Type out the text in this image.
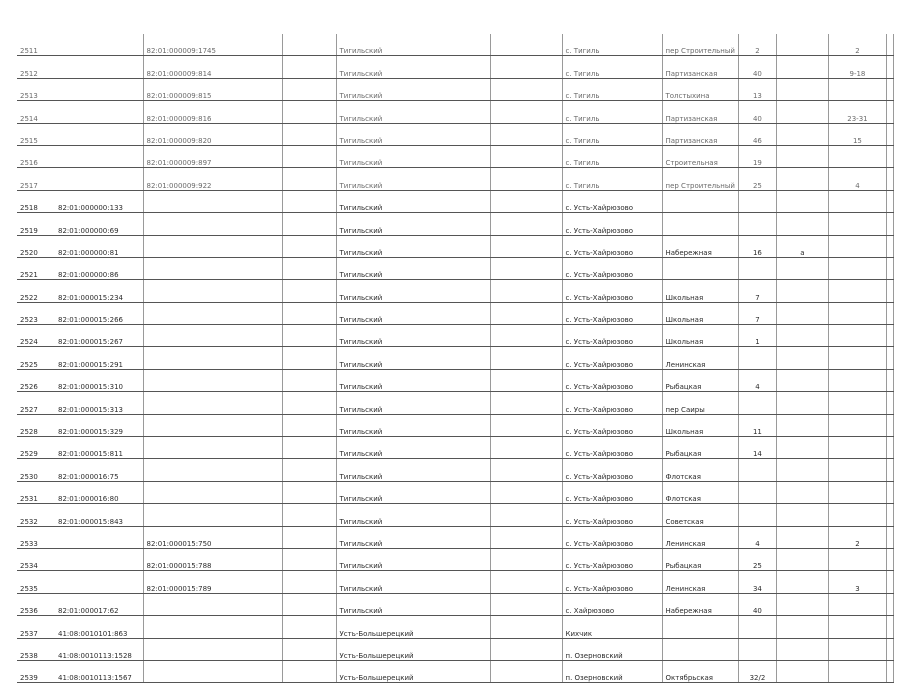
2511		82:01:000009:1745		Тигильский		с. Тигиль	пер Строительный	2		2	
2512		82:01:000009:814		Тигильский		с. Тигиль	Партизанская	40		9-18	
2513		82:01:000009:815		Тигильский		с. Тигиль	Толстыхина	13			
2514		82:01:000009:816		Тигильский		с. Тигиль	Партизанская	40		23-31	
2515		82:01:000009:820		Тигильский		с. Тигиль	Партизанская	46		15	
2516		82:01:000009:897		Тигильский		с. Тигиль	Строительная	19			
2517		82:01:000009:922		Тигильский		с. Тигиль	пер Строительный	25		4	
2518	82:01:000000:133			Тигильский		с. Усть-Хайрюзово					
2519	82:01:000000:69			Тигильский		с. Усть-Хайрюзово					
2520	82:01:000000:81			Тигильский		с. Усть-Хайрюзово	Набережная	16	а		
2521	82:01:000000:86			Тигильский		с. Усть-Хайрюзово					
2522	82:01:000015:234			Тигильский		с. Усть-Хайрюзово	Школьная	7			
2523	82:01:000015:266			Тигильский		с. Усть-Хайрюзово	Школьная	7			
2524	82:01:000015:267			Тигильский		с. Усть-Хайрюзово	Школьная	1			
2525	82:01:000015:291			Тигильский		с. Усть-Хайрюзово	Ленинская				
2526	82:01:000015:310			Тигильский		с. Усть-Хайрюзово	Рыбацкая	4			
2527	82:01:000015:313			Тигильский		с. Усть-Хайрюзово	пер Саиры				
2528	82:01:000015:329			Тигильский		с. Усть-Хайрюзово	Школьная	11			
2529	82:01:000015:811			Тигильский		с. Усть-Хайрюзово	Рыбацкая	14			
2530	82:01:000016:75			Тигильский		с. Усть-Хайрюзово	Флотская				
2531	82:01:000016:80			Тигильский		с. Усть-Хайрюзово	Флотская				
2532	82:01:000015:843			Тигильский		с. Усть-Хайрюзово	Советская				
2533		82:01:000015:750		Тигильский		с. Усть-Хайрюзово	Ленинская	4		2	
2534		82:01:000015:788		Тигильский		с. Усть-Хайрюзово	Рыбацкая	25			
2535		82:01:000015:789		Тигильский		с. Усть-Хайрюзово	Ленинская	34		3	
2536	82:01:000017:62			Тигильский		с. Хайрюзово	Набережная	40			
2537	41:08:0010101:863			Усть-Большерецкий		Кихчик					
2538	41:08:0010113:1528			Усть-Большерецкий		п. Озерновский					
2539	41:08:0010113:1567			Усть-Большерецкий		п. Озерновский	Октябрьская	32/2			
